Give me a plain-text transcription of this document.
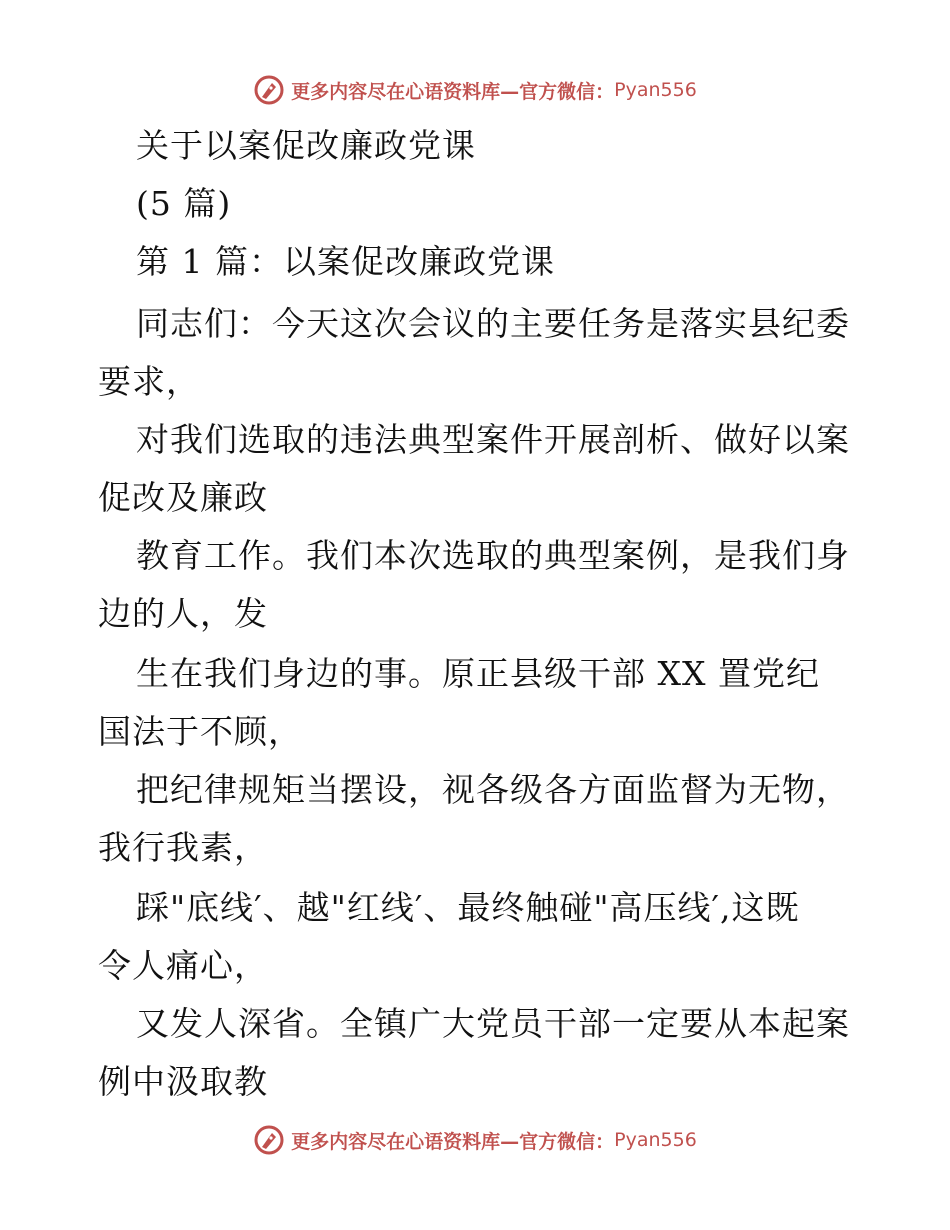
更多内容尽在心语资料库—官方微信： Pyan556
关于以案促改廉政党课
(5 篇)
第 1 篇：以案促改廉政党课
同志们：今天这次会议的主要任务是落实县纪委
要求，
对我们选取的违法典型案件开展剖析、做好以案
促改及廉政
教育工作。我们本次选取的典型案例，是我们身
边的人，发
生在我们身边的事。原正县级干部 XX 置党纪
国法于不顾，
把纪律规矩当摆设，视各级各方面监督为无物，
我行我素，
踩"底线′、越"红线′、最终触碰"高压线′,这既
令人痛心，
又发人深省。全镇广大党员干部一定要从本起案
例中汲取教
更多内容尽在心语资料库—官方微信： Pyan556
